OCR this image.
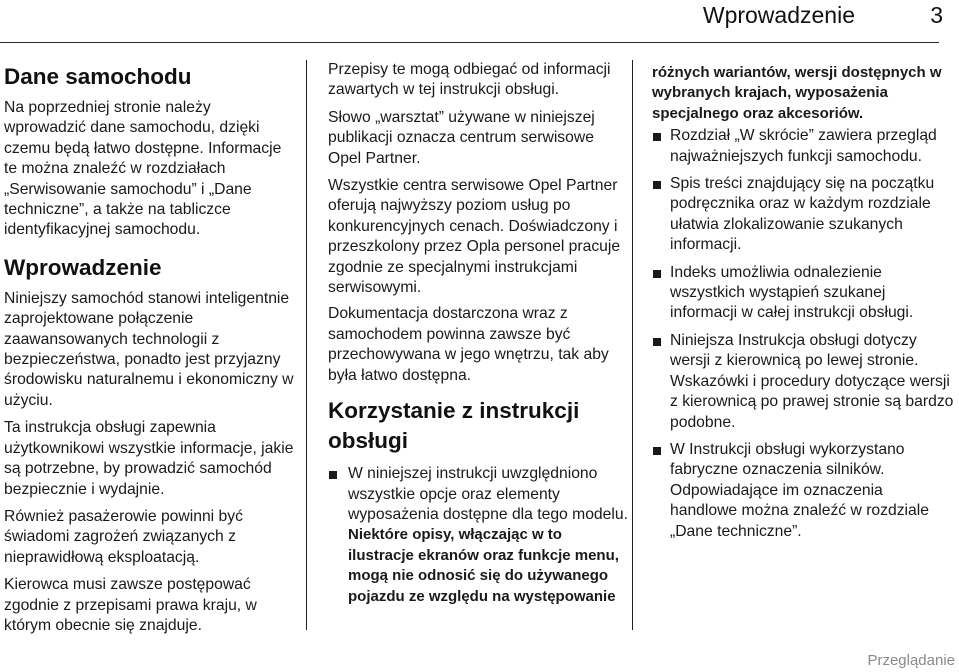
Wprowadzenie	3
Dane samochodu

Na poprzedniej stronie należy wprowadzić dane samochodu, dzięki czemu będą łatwo dostępne. Informacje te można znaleźć w rozdziałach „Serwisowanie samochodu” i „Dane techniczne”, a także na tabliczce identyfikacyjnej samochodu.

Wprowadzenie

Niniejszy samochód stanowi inteligentnie zaprojektowane połączenie zaawansowanych technologii z bezpieczeństwa, ponadto jest przyjazny środowisku naturalnemu i ekonomiczny w użyciu.

Ta instrukcja obsługi zapewnia użytkownikowi wszystkie informacje, jakie są potrzebne, by prowadzić samochód bezpiecznie i wydajnie.

Również pasażerowie powinni być świadomi zagrożeń związanych z nieprawidłową eksploatacją.

Kierowca musi zawsze postępować zgodnie z przepisami prawa kraju, w którym obecnie się znajduje.

Przepisy te mogą odbiegać od informacji zawartych w tej instrukcji obsługi.

Słowo „warsztat” używane w niniejszej publikacji oznacza centrum serwisowe Opel Partner.

Wszystkie centra serwisowe Opel Partner oferują najwyższy poziom usług po konkurencyjnych cenach. Doświadczony i przeszkolony przez Opla personel pracuje zgodnie ze specjalnymi instrukcjami serwisowymi.

Dokumentacja dostarczona wraz z samochodem powinna zawsze być przechowywana w jego wnętrzu, tak aby była łatwo dostępna.

Korzystanie z instrukcji obsługi
W niniejszej instrukcji uwzględniono wszystkie opcje oraz elementy wyposażenia dostępne dla tego modelu. Niektóre opisy, włączając w to ilustracje ekranów oraz funkcje menu, mogą nie odnosić się do używanego pojazdu ze względu na występowanie

różnych wariantów, wersji dostępnych w wybranych krajach, wyposażenia specjalnego oraz akcesoriów.

Rozdział „W skrócie” zawiera przegląd najważniejszych funkcji samochodu.
Spis treści znajdujący się na początku podręcznika oraz w każdym rozdziale ułatwia zlokalizowanie szukanych informacji.
Indeks umożliwia odnalezienie wszystkich wystąpień szukanej informacji w całej instrukcji obsługi.
Niniejsza Instrukcja obsługi dotyczy wersji z kierownicą po lewej stronie. Wskazówki i procedury dotyczące wersji z kierownicą po prawej stronie są bardzo podobne.
W Instrukcji obsługi wykorzystano fabryczne oznaczenia silników. Odpowiadające im oznaczenia handlowe można znaleźć w rozdziale „Dane techniczne”.
Przeglądanie
